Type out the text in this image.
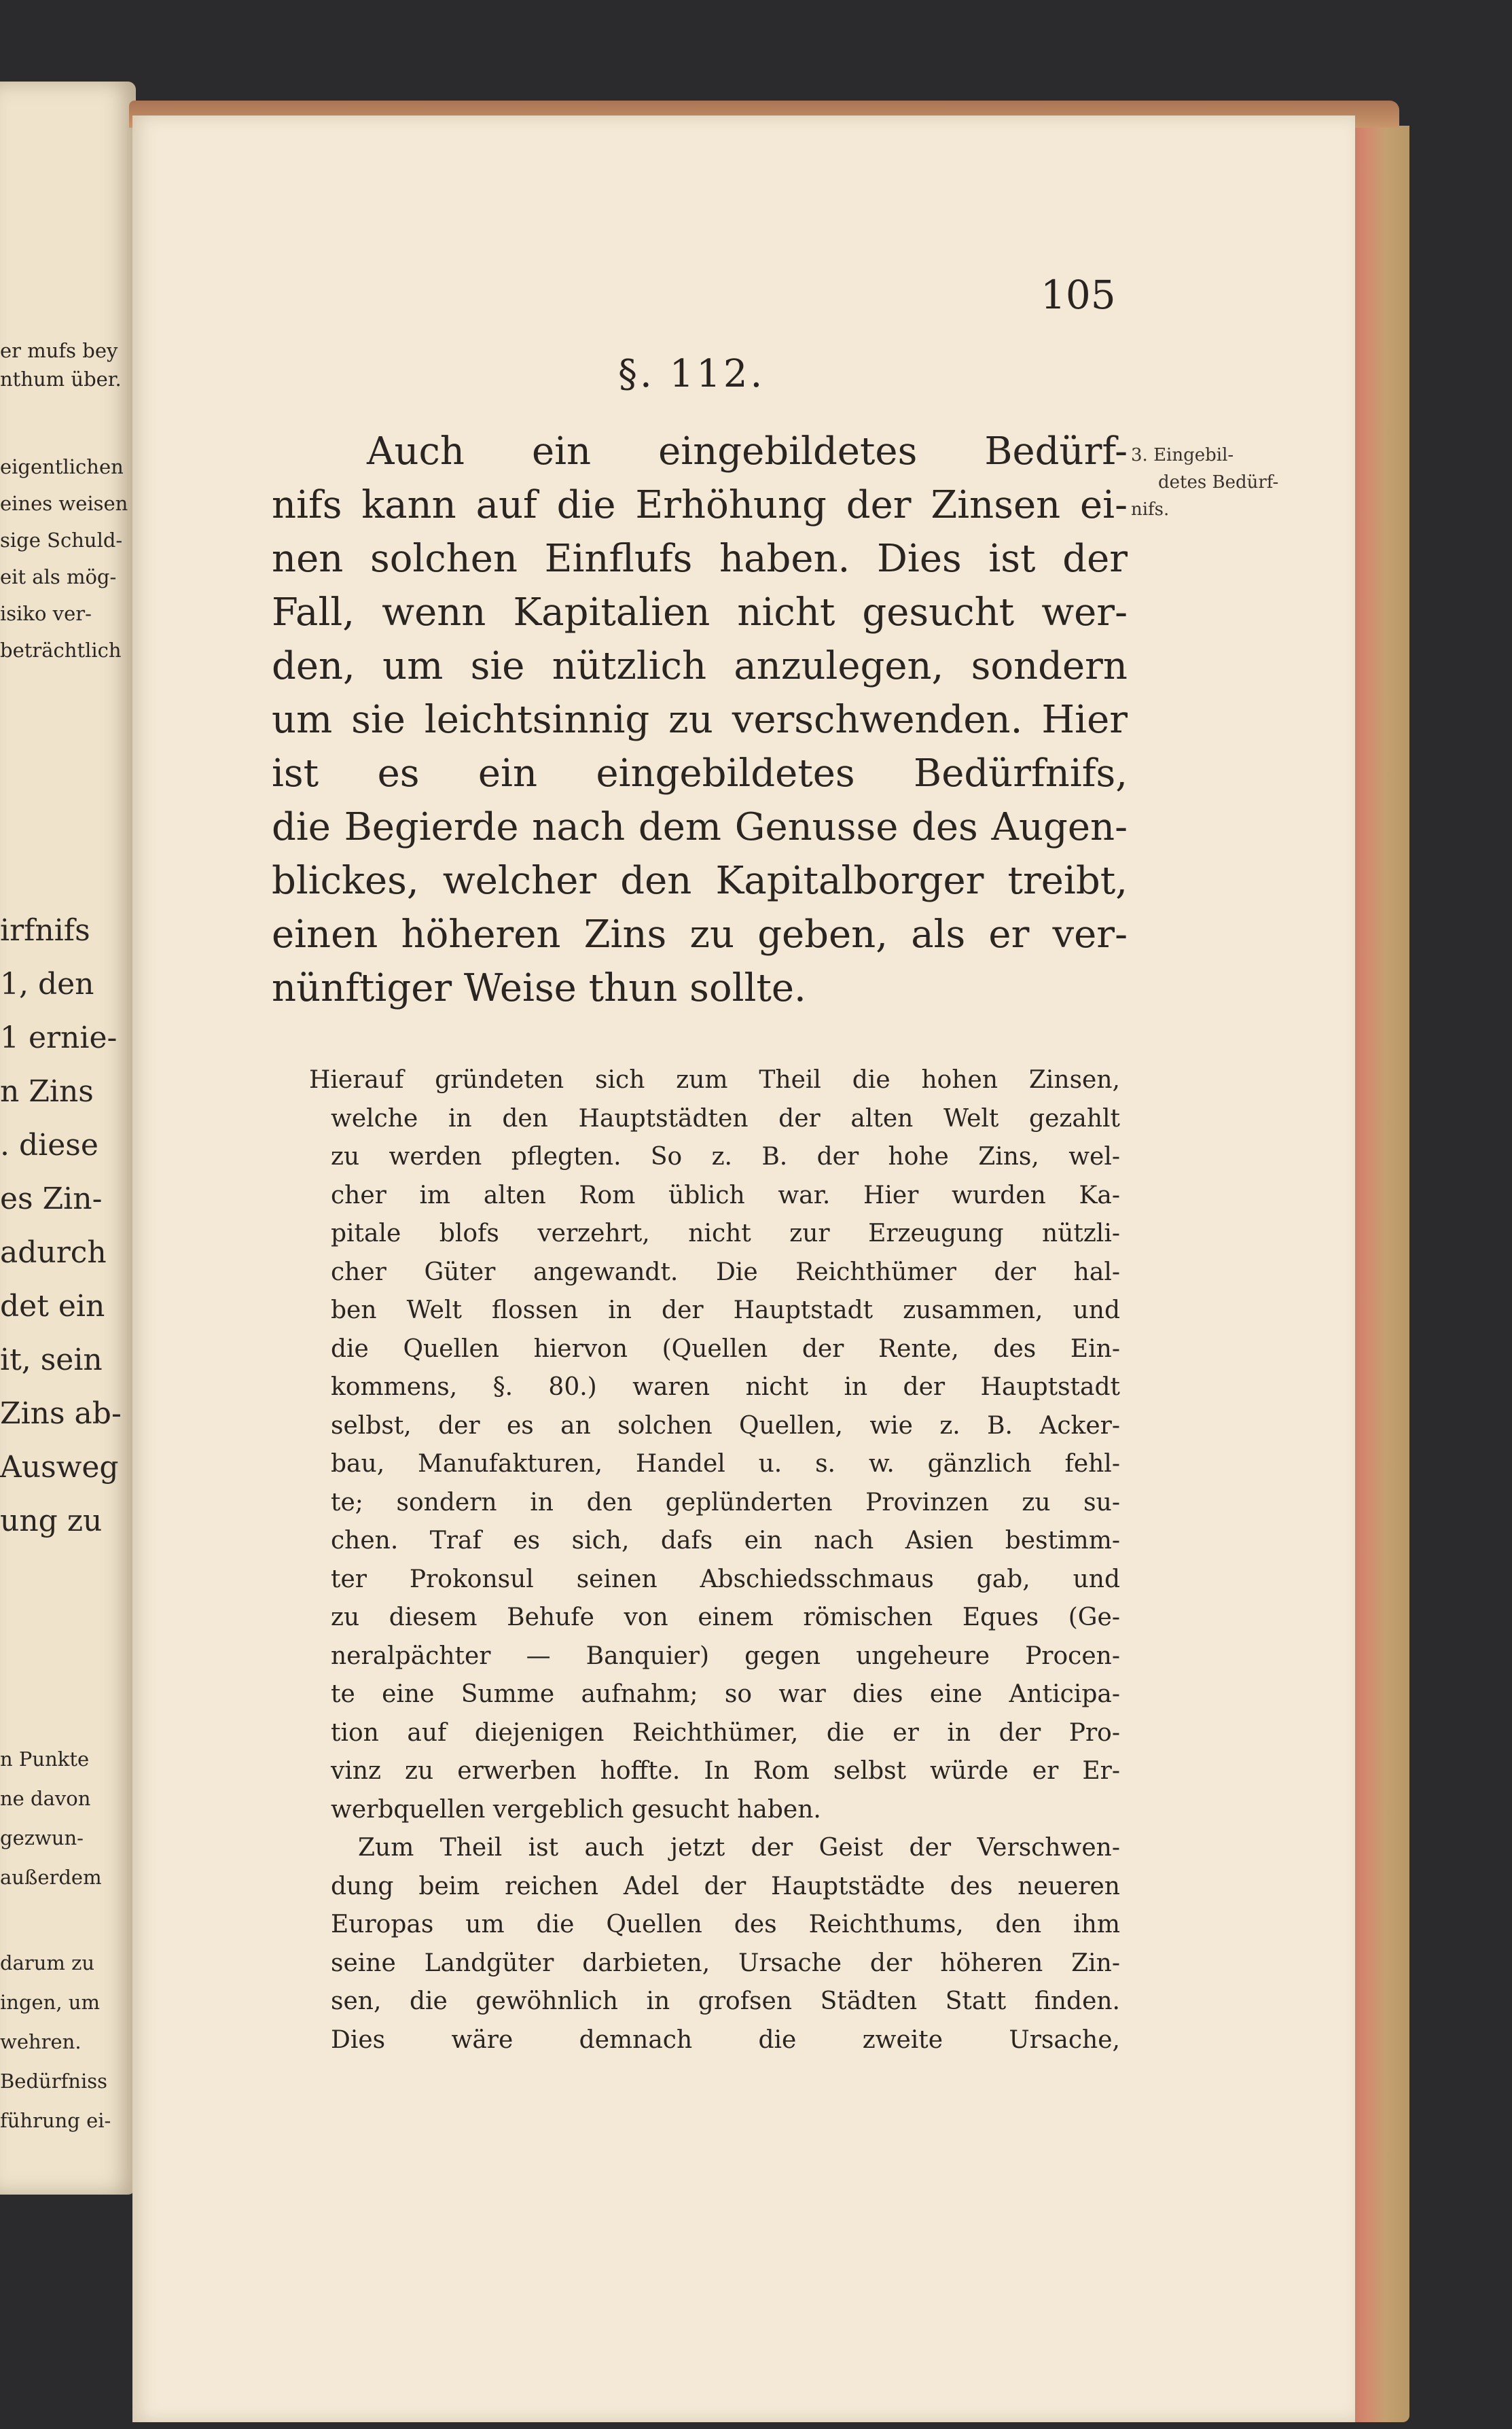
er mufs bey

nthum über.

eigentlichen

eines weisen

sige Schuld-

eit als mög-

isiko ver-

beträchtlich

irfnifs

1, den

1 ernie-

n Zins

. diese

es Zin-

adurch

det ein

it, sein

Zins ab-

Ausweg

ung zu

n Punkte

ne davon

gezwun-

außerdem

darum zu

ingen, um

wehren.

Bedürfniss

führung ei-

105

§. 112.

3. Eingebil-

detes Bedürf-

nifs.

Auch ein eingebildetes Bedürf-

nifs kann auf die Erhöhung der Zinsen ei-

nen solchen Einflufs haben. Dies ist der

Fall, wenn Kapitalien nicht gesucht wer-

den, um sie nützlich anzulegen, sondern

um sie leichtsinnig zu verschwenden. Hier

ist es ein eingebildetes Bedürfnifs,

die Begierde nach dem Genusse des Augen-

blickes, welcher den Kapitalborger treibt,

einen höheren Zins zu geben, als er ver-

nünftiger Weise thun sollte.

Hierauf gründeten sich zum Theil die hohen Zinsen,

welche in den Hauptstädten der alten Welt gezahlt

zu werden pflegten. So z. B. der hohe Zins, wel-

cher im alten Rom üblich war. Hier wurden Ka-

pitale blofs verzehrt, nicht zur Erzeugung nützli-

cher Güter angewandt. Die Reichthümer der hal-

ben Welt flossen in der Hauptstadt zusammen, und

die Quellen hiervon (Quellen der Rente, des Ein-

kommens, §. 80.) waren nicht in der Hauptstadt

selbst, der es an solchen Quellen, wie z. B. Acker-

bau, Manufakturen, Handel u. s. w. gänzlich fehl-

te; sondern in den geplünderten Provinzen zu su-

chen. Traf es sich, dafs ein nach Asien bestimm-

ter Prokonsul seinen Abschiedsschmaus gab, und

zu diesem Behufe von einem römischen Eques (Ge-

neralpächter — Banquier) gegen ungeheure Procen-

te eine Summe aufnahm; so war dies eine Anticipa-

tion auf diejenigen Reichthümer, die er in der Pro-

vinz zu erwerben hoffte. In Rom selbst würde er Er-

werbquellen vergeblich gesucht haben.

Zum Theil ist auch jetzt der Geist der Verschwen-

dung beim reichen Adel der Hauptstädte des neueren

Europas um die Quellen des Reichthums, den ihm

seine Landgüter darbieten, Ursache der höheren Zin-

sen, die gewöhnlich in grofsen Städten Statt finden.

Dies wäre demnach die zweite Ursache,
